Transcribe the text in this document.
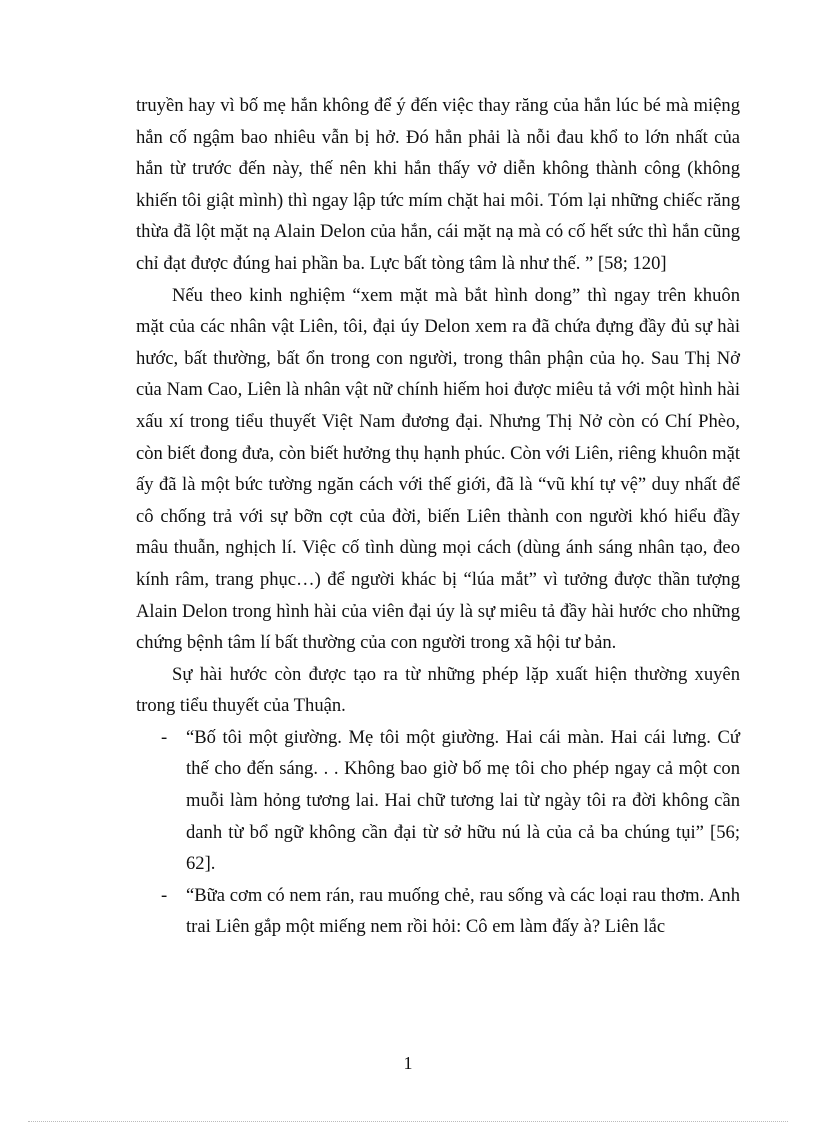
truyền hay vì bố mẹ hắn không để ý đến việc thay răng của hắn lúc bé mà miệng hắn cố ngậm bao nhiêu vẫn bị hở. Đó hẳn phải là nỗi đau khổ to lớn nhất của hắn từ trước đến này, thế nên khi hắn thấy vở diễn không thành công (không khiến tôi giật mình) thì ngay lập tức mím chặt hai môi. Tóm lại những chiếc răng thừa đã lột mặt nạ Alain Delon của hắn, cái mặt nạ mà có cố hết sức thì hắn cũng chỉ đạt được đúng hai phần ba. Lực bất tòng tâm là như thế. ” [58; 120]

Nếu theo kinh nghiệm “xem mặt mà bắt hình dong” thì ngay trên khuôn mặt của các nhân vật Liên, tôi, đại úy Delon xem ra đã chứa đựng đầy đủ sự hài hước, bất thường, bất ổn trong con người, trong thân phận của họ. Sau Thị Nở của Nam Cao, Liên là nhân vật nữ chính hiếm hoi được miêu tả với một hình hài xấu xí trong tiểu thuyết Việt Nam đương đại. Nhưng Thị Nở còn có Chí Phèo, còn biết đong đưa, còn biết hưởng thụ hạnh phúc. Còn với Liên, riêng khuôn mặt ấy đã là một bức tường ngăn cách với thế giới, đã là “vũ khí tự vệ” duy nhất để cô chống trả với sự bỡn cợt của đời, biến Liên thành con người khó hiểu đầy mâu thuẫn, nghịch lí. Việc cố tình dùng mọi cách (dùng ánh sáng nhân tạo, đeo kính râm, trang phục…) để người khác bị “lúa mắt” vì tưởng được thần tượng Alain Delon trong hình hài của viên đại úy là sự miêu tả đầy hài hước cho những chứng bệnh tâm lí bất thường của con người trong xã hội tư bản.

Sự hài hước còn được tạo ra từ những phép lặp xuất hiện thường xuyên trong tiểu thuyết của Thuận.

- “Bố tôi một giường. Mẹ tôi một giường. Hai cái màn. Hai cái lưng. Cứ thế cho đến sáng. . . Không bao giờ bố mẹ tôi cho phép ngay cả một con muỗi làm hỏng tương lai. Hai chữ tương lai từ ngày tôi ra đời không cần danh từ bổ ngữ không cần đại từ sở hữu nú là của cả ba chúng tụi” [56; 62].
- “Bữa cơm có nem rán, rau muống chẻ, rau sống và các loại rau thơm. Anh trai Liên gắp một miếng nem rồi hỏi: Cô em làm đấy à? Liên lắc
1
